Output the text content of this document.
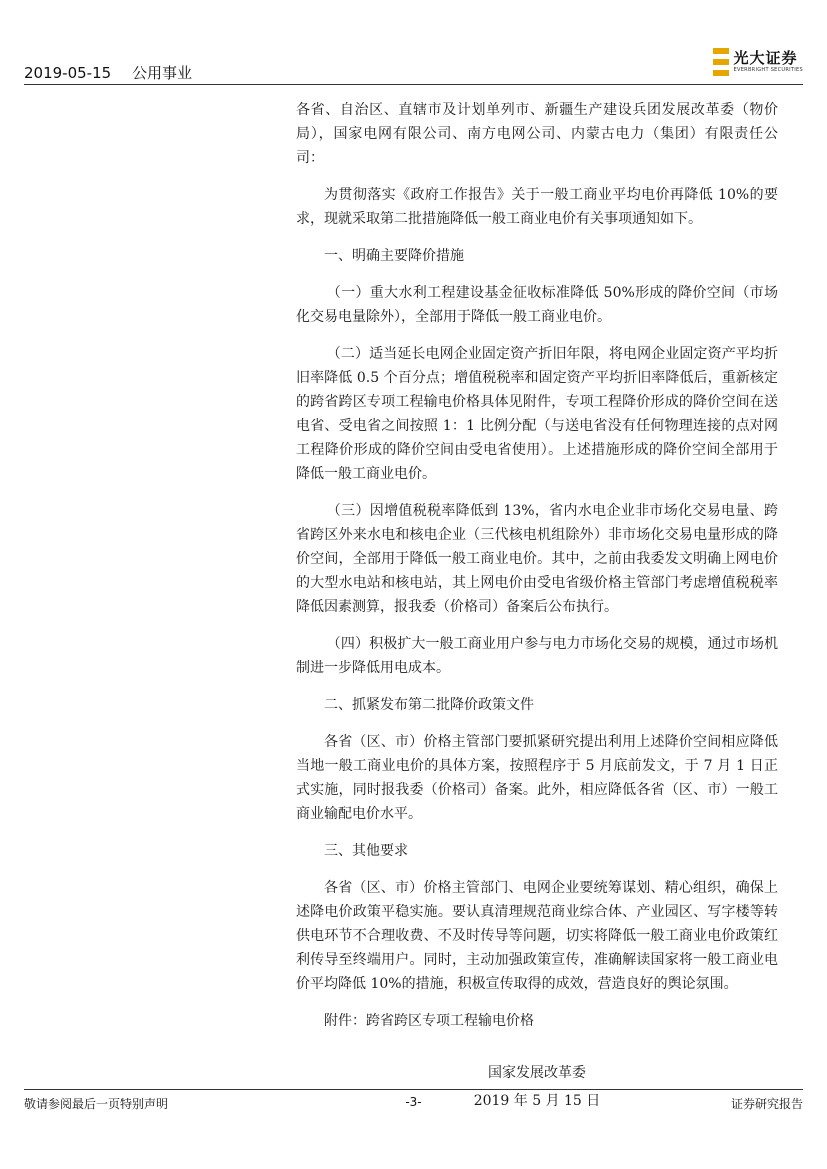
2019-05-15 公用事业
光大证券
EVERBRIGHT SECURITIES

各省、自治区、直辖市及计划单列市、新疆生产建设兵团发展改革委（物价局），国家电网有限公司、南方电网公司、内蒙古电力（集团）有限责任公司：

为贯彻落实《政府工作报告》关于一般工商业平均电价再降低 10%的要求，现就采取第二批措施降低一般工商业电价有关事项通知如下。

一、明确主要降价措施

（一）重大水利工程建设基金征收标准降低 50%形成的降价空间（市场化交易电量除外），全部用于降低一般工商业电价。

（二）适当延长电网企业固定资产折旧年限，将电网企业固定资产平均折旧率降低 0.5 个百分点；增值税税率和固定资产平均折旧率降低后，重新核定的跨省跨区专项工程输电价格具体见附件，专项工程降价形成的降价空间在送电省、受电省之间按照 1：1 比例分配（与送电省没有任何物理连接的点对网工程降价形成的降价空间由受电省使用）。上述措施形成的降价空间全部用于降低一般工商业电价。

（三）因增值税税率降低到 13%，省内水电企业非市场化交易电量、跨省跨区外来水电和核电企业（三代核电机组除外）非市场化交易电量形成的降价空间，全部用于降低一般工商业电价。其中，之前由我委发文明确上网电价的大型水电站和核电站，其上网电价由受电省级价格主管部门考虑增值税税率降低因素测算，报我委（价格司）备案后公布执行。

（四）积极扩大一般工商业用户参与电力市场化交易的规模，通过市场机制进一步降低用电成本。

二、抓紧发布第二批降价政策文件

各省（区、市）价格主管部门要抓紧研究提出利用上述降价空间相应降低当地一般工商业电价的具体方案，按照程序于 5 月底前发文，于 7 月 1 日正式实施，同时报我委（价格司）备案。此外，相应降低各省（区、市）一般工商业输配电价水平。

三、其他要求

各省（区、市）价格主管部门、电网企业要统筹谋划、精心组织，确保上述降电价政策平稳实施。要认真清理规范商业综合体、产业园区、写字楼等转供电环节不合理收费、不及时传导等问题，切实将降低一般工商业电价政策红利传导至终端用户。同时，主动加强政策宣传，准确解读国家将一般工商业电价平均降低 10%的措施，积极宣传取得的成效，营造良好的舆论氛围。

附件：跨省跨区专项工程输电价格

国家发展改革委

2019 年 5 月 15 日

敬请参阅最后一页特别声明	-3-	证券研究报告
